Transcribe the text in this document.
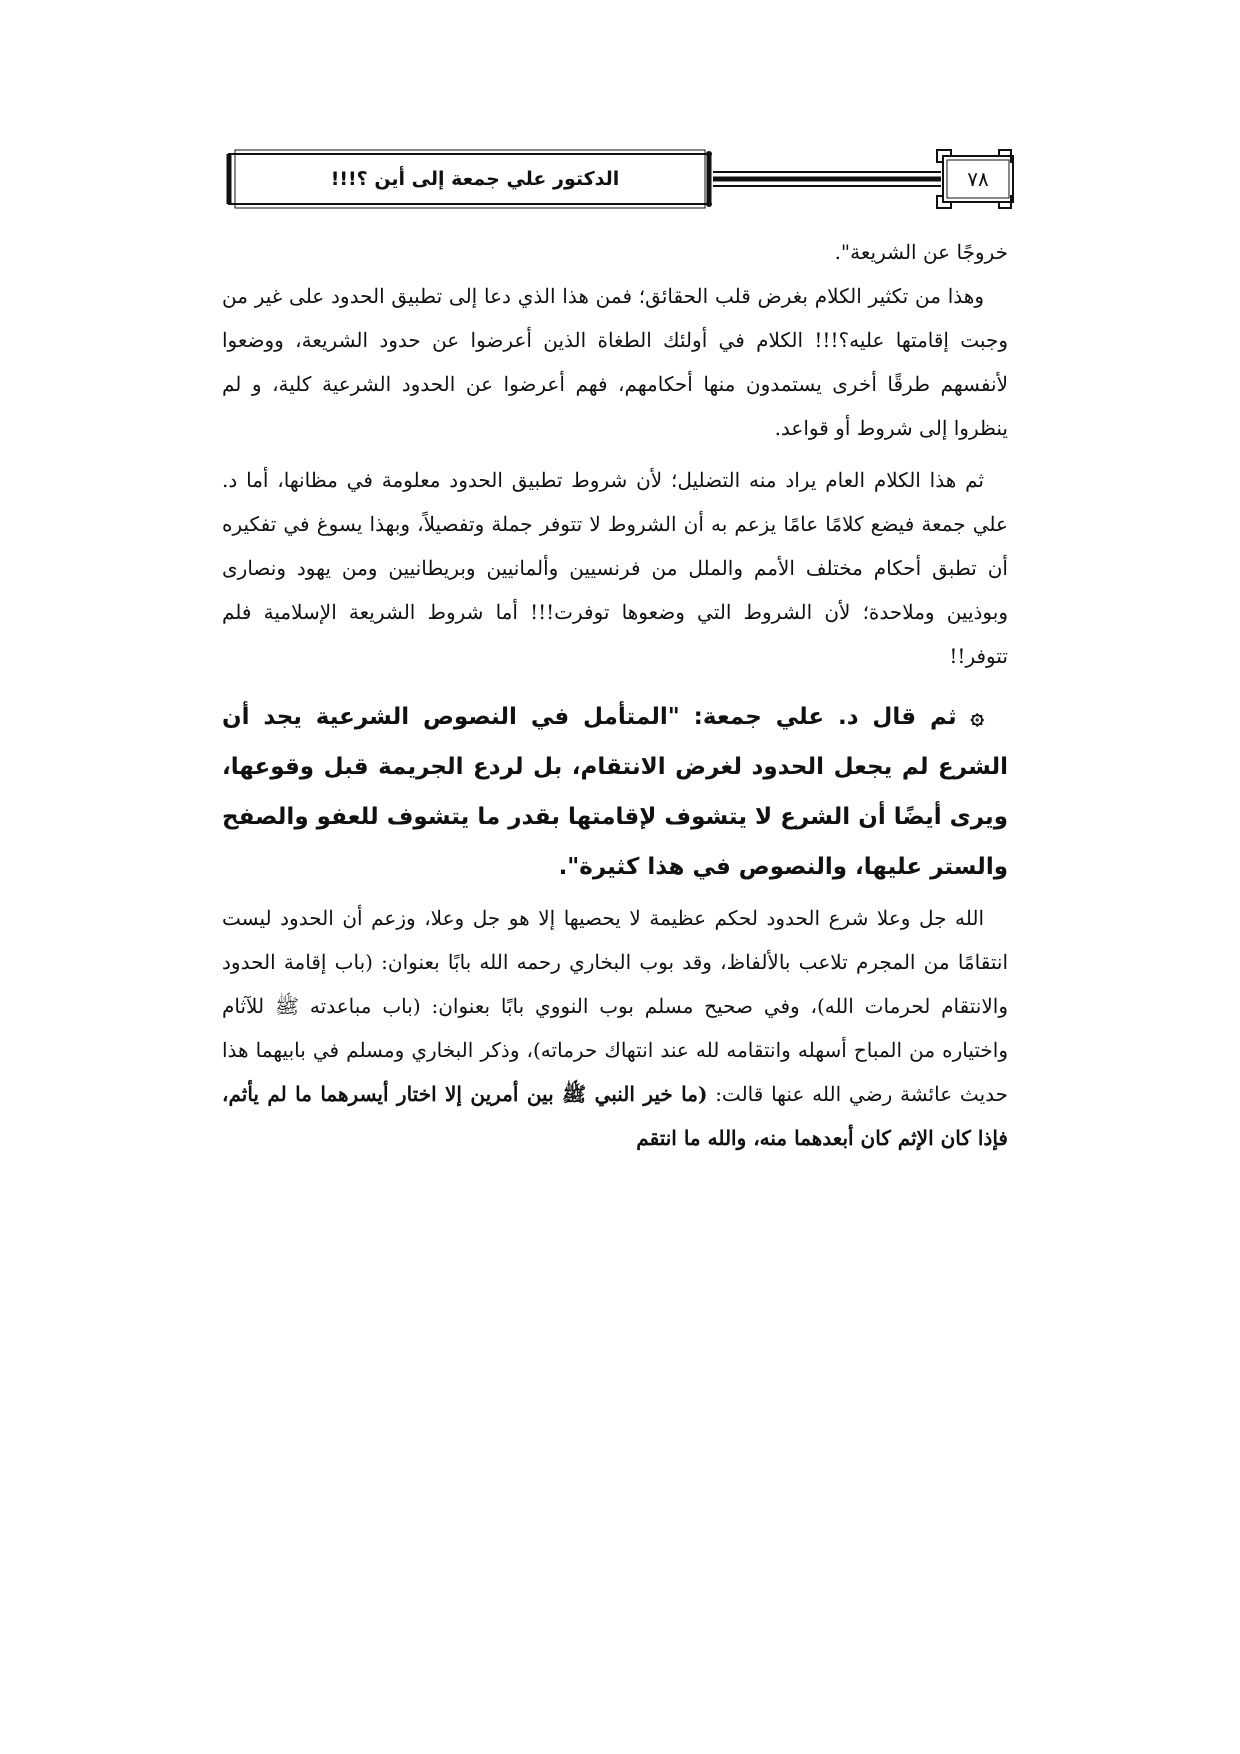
الدكتور علي جمعة إلى أين ؟!!!	٧٨

خروجًا عن الشريعة".

وهذا من تكثير الكلام بغرض قلب الحقائق؛ فمن هذا الذي دعا إلى تطبيق الحدود على غير من وجبت إقامتها عليه؟!!! الكلام في أولئك الطغاة الذين أعرضوا عن حدود الشريعة، ووضعوا لأنفسهم طرقًا أخرى يستمدون منها أحكامهم، فهم أعرضوا عن الحدود الشرعية كلية، و لم ينظروا إلى شروط أو قواعد.

ثم هذا الكلام العام يراد منه التضليل؛ لأن شروط تطبيق الحدود معلومة في مظانها، أما د. علي جمعة فيضع كلامًا عامًا يزعم به أن الشروط لا تتوفر جملة وتفصيلاً، وبهذا يسوغ في تفكيره أن تطبق أحكام مختلف الأمم والملل من فرنسيين وألمانيين وبريطانيين ومن يهود ونصارى وبوذيين وملاحدة؛ لأن الشروط التي وضعوها توفرت!!! أما شروط الشريعة الإسلامية فلم تتوفر!!

۞ ثم قال د. علي جمعة: "المتأمل في النصوص الشرعية يجد أن الشرع لم يجعل الحدود لغرض الانتقام، بل لردع الجريمة قبل وقوعها، ويرى أيضًا أن الشرع لا يتشوف لإقامتها بقدر ما يتشوف للعفو والصفح والستر عليها، والنصوص في هذا كثيرة".

الله جل وعلا شرع الحدود لحكم عظيمة لا يحصيها إلا هو جل وعلا، وزعم أن الحدود ليست انتقامًا من المجرم تلاعب بالألفاظ، وقد بوب البخاري رحمه الله بابًا بعنوان: (باب إقامة الحدود والانتقام لحرمات الله)، وفي صحيح مسلم بوب النووي بابًا بعنوان: (باب مباعدته ﷺ للآثام واختياره من المباح أسهله وانتقامه لله عند انتهاك حرماته)، وذكر البخاري ومسلم في بابيهما هذا حديث عائشة رضي الله عنها قالت: (ما خير النبي ﷺ بين أمرين إلا اختار أيسرهما ما لم يأثم، فإذا كان الإثم كان أبعدهما منه، والله ما انتقم
